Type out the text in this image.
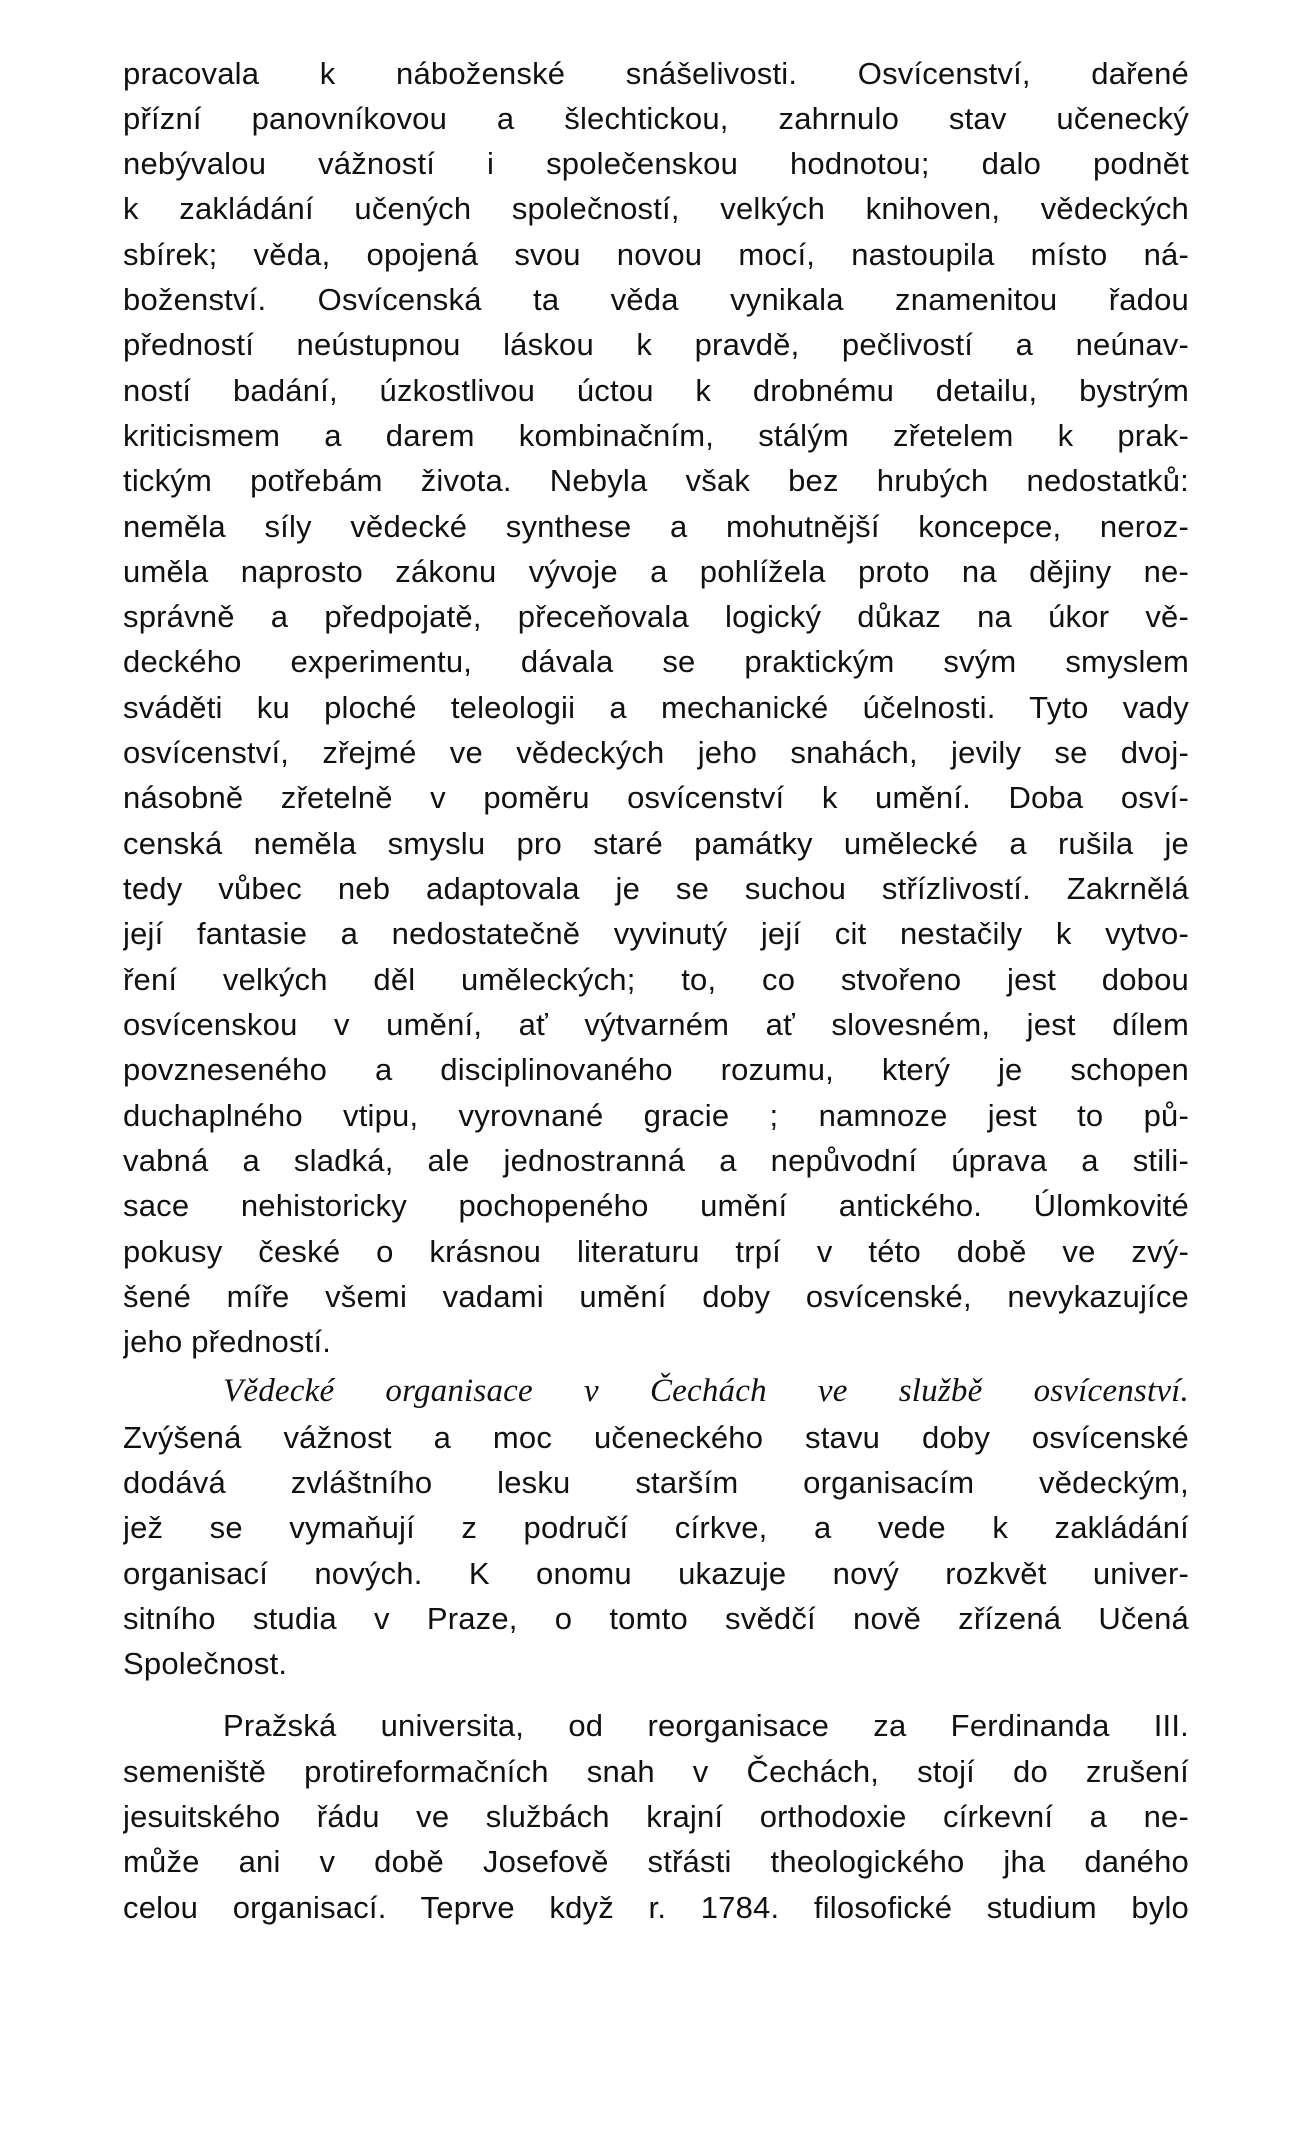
pracovala k náboženské snášelivosti. Osvícenství, dařené
přízní panovníkovou a šlechtickou, zahrnulo stav učenecký
nebývalou vážností i společenskou hodnotou; dalo podnět
k zakládání učených společností, velkých knihoven, vědeckých
sbírek; věda, opojená svou novou mocí, nastoupila místo ná-
boženství. Osvícenská ta věda vynikala znamenitou řadou
předností neústupnou láskou k pravdě, pečlivostí a neúnav-
ností badání, úzkostlivou úctou k drobnému detailu, bystrým
kriticismem a darem kombinačním, stálým zřetelem k prak-
tickým potřebám života. Nebyla však bez hrubých nedostatků:
neměla síly vědecké synthese a mohutnější koncepce, neroz-
uměla naprosto zákonu vývoje a pohlížela proto na dějiny ne-
správně a předpojatě, přeceňovala logický důkaz na úkor vě-
deckého experimentu, dávala se praktickým svým smyslem
sváděti ku ploché teleologii a mechanické účelnosti. Tyto vady
osvícenství, zřejmé ve vědeckých jeho snahách, jevily se dvoj-
násobně zřetelně v poměru osvícenství k umění. Doba osví-
censká neměla smyslu pro staré památky umělecké a rušila je
tedy vůbec neb adaptovala je se suchou střízlivostí. Zakrnělá
její fantasie a nedostatečně vyvinutý její cit nestačily k vytvo-
ření velkých děl uměleckých; to, co stvořeno jest dobou
osvícenskou v umění, ať výtvarném ať slovesném, jest dílem
povzneseného a disciplinovaného rozumu, který je schopen
duchaplného vtipu, vyrovnané gracie ; namnoze jest to pů-
vabná a sladká, ale jednostranná a nepůvodní úprava a stili-
sace nehistoricky pochopeného umění antického. Úlomkovité
pokusy české o krásnou literaturu trpí v této době ve zvý-
šené míře všemi vadami umění doby osvícenské, nevykazujíce
jeho předností.
Vědecké organisace v Čechách ve službě osvícenství.
Zvýšená vážnost a moc učeneckého stavu doby osvícenské
dodává zvláštního lesku starším organisacím vědeckým,
jež se vymaňují z područí církve, a vede k zakládání
organisací nových. K onomu ukazuje nový rozkvět univer-
sitního studia v Praze, o tomto svědčí nově zřízená Učená
Společnost.
Pražská universita, od reorganisace za Ferdinanda III.
semeniště protireformačních snah v Čechách, stojí do zrušení
jesuitského řádu ve službách krajní orthodoxie církevní a ne-
může ani v době Josefově střásti theologického jha daného
celou organisací. Teprve když r. 1784. filosofické studium bylo
